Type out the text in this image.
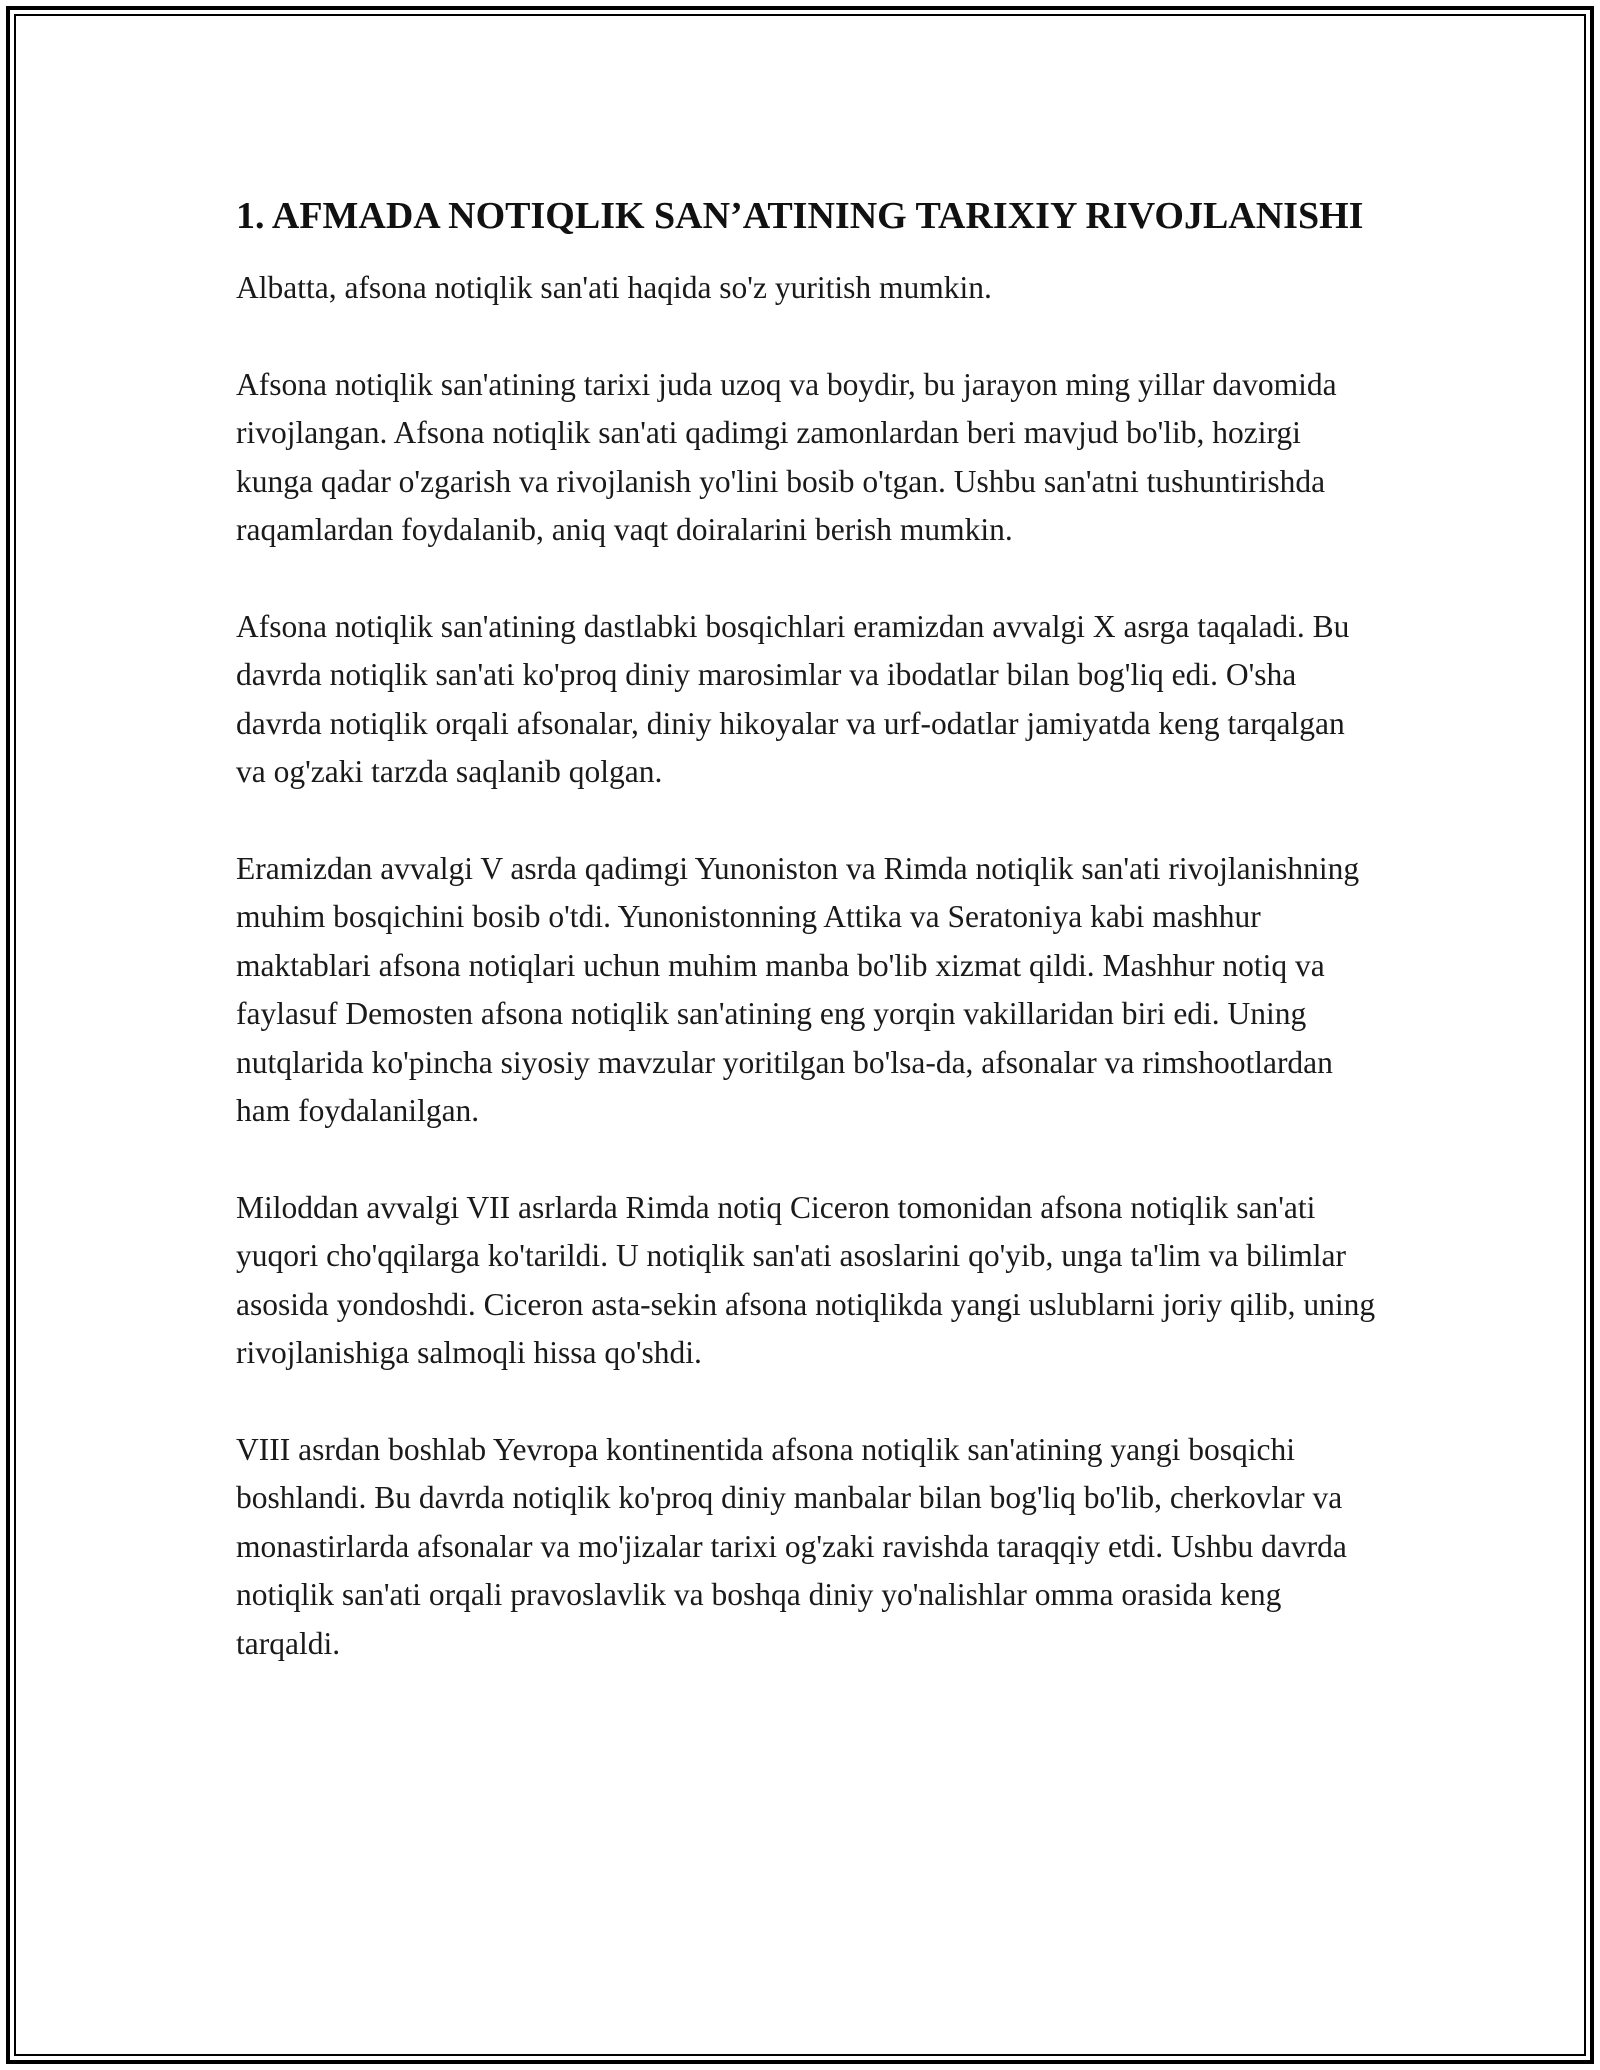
1. AFMADA NOTIQLIK SAN’ATINING TARIXIY RIVOJLANISHI

Albatta, afsona notiqlik san'ati haqida so'z yuritish mumkin.

Afsona notiqlik san'atining tarixi juda uzoq va boydir, bu jarayon ming yillar davomida rivojlangan. Afsona notiqlik san'ati qadimgi zamonlardan beri mavjud bo'lib, hozirgi kunga qadar o'zgarish va rivojlanish yo'lini bosib o'tgan. Ushbu san'atni tushuntirishda raqamlardan foydalanib, aniq vaqt doiralarini berish mumkin.

Afsona notiqlik san'atining dastlabki bosqichlari eramizdan avvalgi X asrga taqaladi. Bu davrda notiqlik san'ati ko'proq diniy marosimlar va ibodatlar bilan bog'liq edi. O'sha davrda notiqlik orqali afsonalar, diniy hikoyalar va urf-odatlar jamiyatda keng tarqalgan va og'zaki tarzda saqlanib qolgan.

Eramizdan avvalgi V asrda qadimgi Yunoniston va Rimda notiqlik san'ati rivojlanishning muhim bosqichini bosib o'tdi. Yunonistonning Attika va Seratoniya kabi mashhur maktablari afsona notiqlari uchun muhim manba bo'lib xizmat qildi. Mashhur notiq va faylasuf Demosten afsona notiqlik san'atining eng yorqin vakillaridan biri edi. Uning nutqlarida ko'pincha siyosiy mavzular yoritilgan bo'lsa-da, afsonalar va rimshootlardan ham foydalanilgan.

Miloddan avvalgi VII asrlarda Rimda notiq Ciceron tomonidan afsona notiqlik san'ati yuqori cho'qqilarga ko'tarildi. U notiqlik san'ati asoslarini qo'yib, unga ta'lim va bilimlar asosida yondoshdi. Ciceron asta-sekin afsona notiqlikda yangi uslublarni joriy qilib, uning rivojlanishiga salmoqli hissa qo'shdi.

VIII asrdan boshlab Yevropa kontinentida afsona notiqlik san'atining yangi bosqichi boshlandi. Bu davrda notiqlik ko'proq diniy manbalar bilan bog'liq bo'lib, cherkovlar va monastirlarda afsonalar va mo'jizalar tarixi og'zaki ravishda taraqqiy etdi. Ushbu davrda notiqlik san'ati orqali pravoslavlik va boshqa diniy yo'nalishlar omma orasida keng tarqaldi.
